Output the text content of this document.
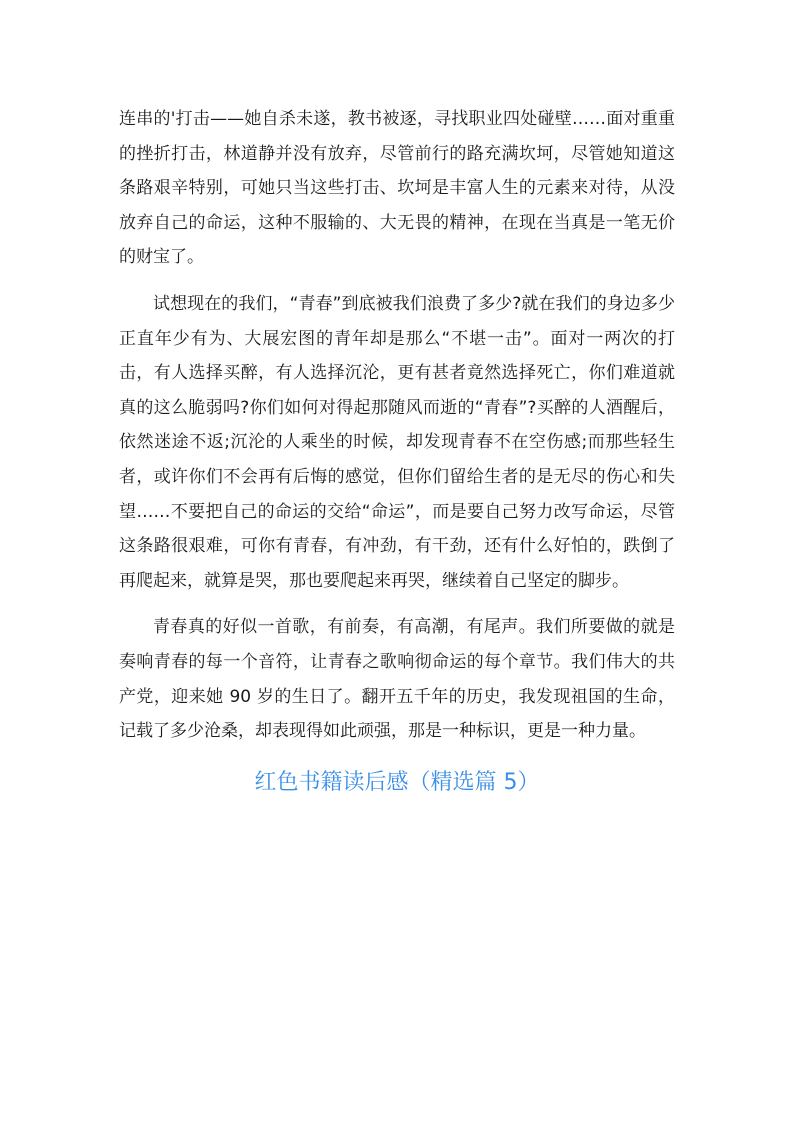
连串的'打击——她自杀未遂，教书被逐，寻找职业四处碰壁……面对重重的挫折打击，林道静并没有放弃，尽管前行的路充满坎坷，尽管她知道这条路艰辛特别，可她只当这些打击、坎坷是丰富人生的元素来对待，从没放弃自己的命运，这种不服输的、大无畏的精神，在现在当真是一笔无价的财宝了。

试想现在的我们，“青春”到底被我们浪费了多少?就在我们的身边多少正直年少有为、大展宏图的青年却是那么“不堪一击”。面对一两次的打击，有人选择买醉，有人选择沉沦，更有甚者竟然选择死亡，你们难道就真的这么脆弱吗?你们如何对得起那随风而逝的“青春”?买醉的人酒醒后，依然迷途不返;沉沦的人乘坐的时候，却发现青春不在空伤感;而那些轻生者，或许你们不会再有后悔的感觉，但你们留给生者的是无尽的伤心和失望……不要把自己的命运的交给“命运”，而是要自己努力改写命运，尽管这条路很艰难，可你有青春，有冲劲，有干劲，还有什么好怕的，跌倒了再爬起来，就算是哭，那也要爬起来再哭，继续着自己坚定的脚步。

青春真的好似一首歌，有前奏，有高潮，有尾声。我们所要做的就是奏响青春的每一个音符，让青春之歌响彻命运的每个章节。我们伟大的共产党，迎来她 90 岁的生日了。翻开五千年的历史，我发现祖国的生命，记载了多少沧桑，却表现得如此顽强，那是一种标识，更是一种力量。

红色书籍读后感（精选篇 5）
